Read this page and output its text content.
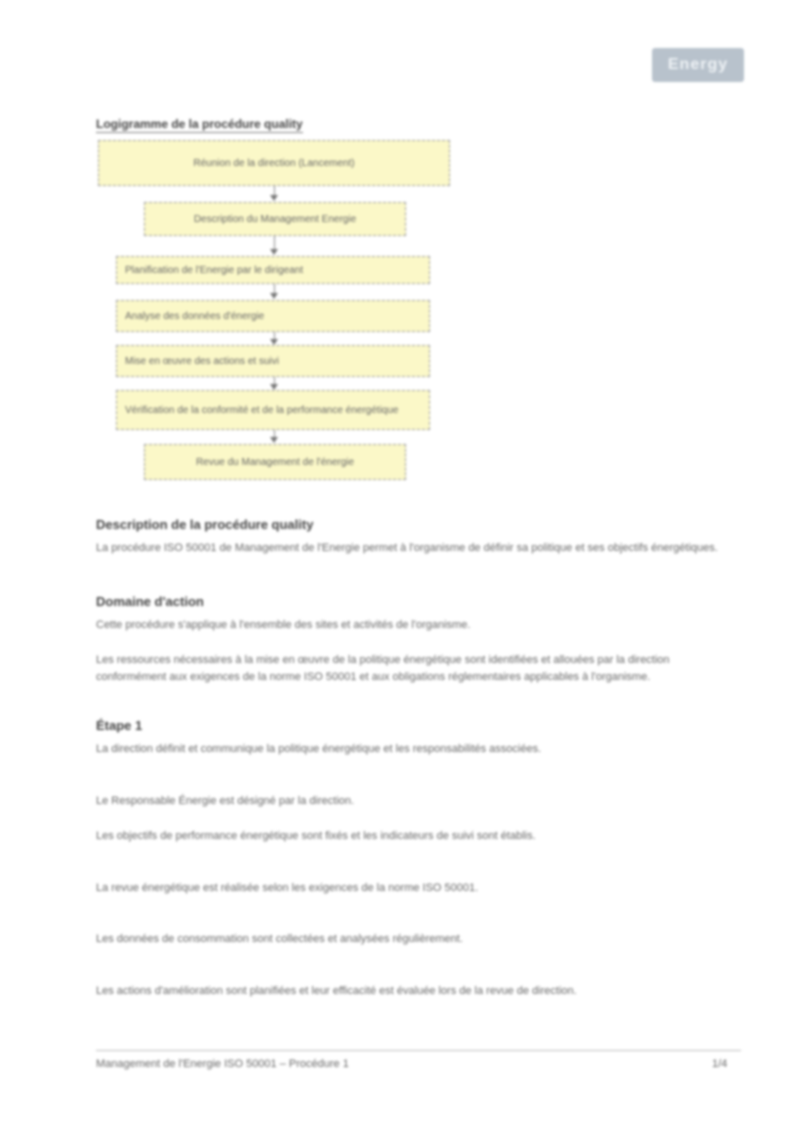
Energy
Logigramme de la procédure quality
Réunion de la direction (Lancement)
Description du Management Energie
Planification de l'Energie par le dirigeant
Analyse des données d'énergie
Mise en œuvre des actions et suivi
Vérification de la conformité et de la performance énergétique
Revue du Management de l'énergie
Description de la procédure quality
La procédure ISO 50001 de Management de l'Energie permet à l'organisme de définir sa politique et ses objectifs énergétiques.
Domaine d'action
Cette procédure s'applique à l'ensemble des sites et activités de l'organisme.
Les ressources nécessaires à la mise en œuvre de la politique énergétique sont identifiées et allouées par la direction conformément aux exigences de la norme ISO 50001 et aux obligations réglementaires applicables à l'organisme.
Étape 1
La direction définit et communique la politique énergétique et les responsabilités associées.
Le Responsable Énergie est désigné par la direction.
Les objectifs de performance énergétique sont fixés et les indicateurs de suivi sont établis.
La revue énergétique est réalisée selon les exigences de la norme ISO 50001.
Les données de consommation sont collectées et analysées régulièrement.
Les actions d'amélioration sont planifiées et leur efficacité est évaluée lors de la revue de direction.
Management de l'Energie ISO 50001 – Procédure 1	1/4
